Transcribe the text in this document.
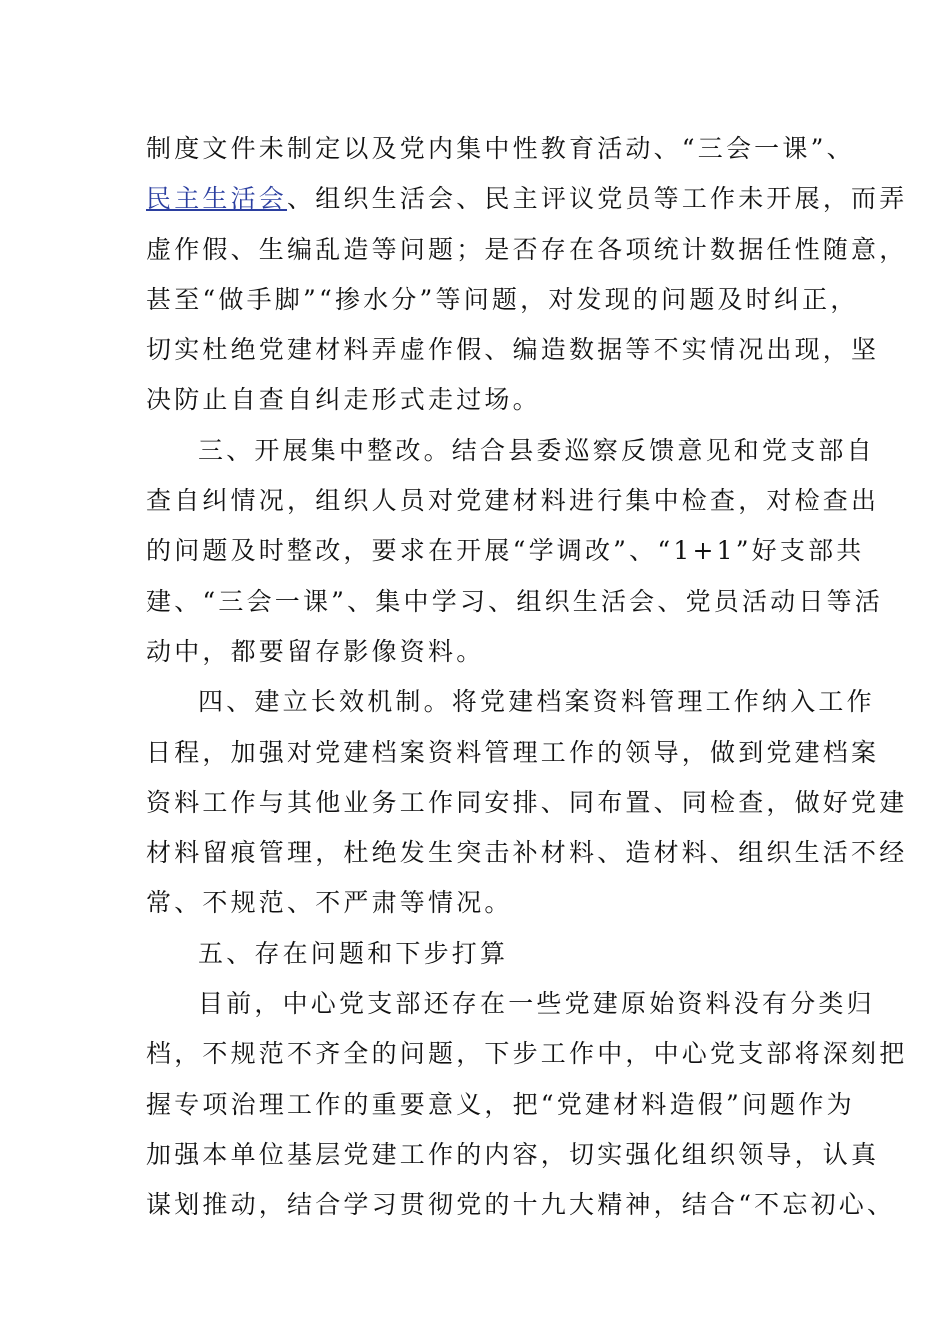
制度文件未制定以及党内集中性教育活动、“三会一课”、
民主生活会、组织生活会、民主评议党员等工作未开展，而弄
虚作假、生编乱造等问题；是否存在各项统计数据任性随意，
甚至“做手脚”“掺水分”等问题，对发现的问题及时纠正，
切实杜绝党建材料弄虚作假、编造数据等不实情况出现，坚
决防止自查自纠走形式走过场。
三、开展集中整改。结合县委巡察反馈意见和党支部自
查自纠情况，组织人员对党建材料进行集中检查，对检查出
的问题及时整改，要求在开展“学调改”、“1+1”好支部共
建、“三会一课”、集中学习、组织生活会、党员活动日等活
动中，都要留存影像资料。
四、建立长效机制。将党建档案资料管理工作纳入工作
日程，加强对党建档案资料管理工作的领导，做到党建档案
资料工作与其他业务工作同安排、同布置、同检查，做好党建
材料留痕管理，杜绝发生突击补材料、造材料、组织生活不经
常、不规范、不严肃等情况。
五、存在问题和下步打算
目前，中心党支部还存在一些党建原始资料没有分类归
档，不规范不齐全的问题，下步工作中，中心党支部将深刻把
握专项治理工作的重要意义，把“党建材料造假”问题作为
加强本单位基层党建工作的内容，切实强化组织领导，认真
谋划推动，结合学习贯彻党的十九大精神，结合“不忘初心、
